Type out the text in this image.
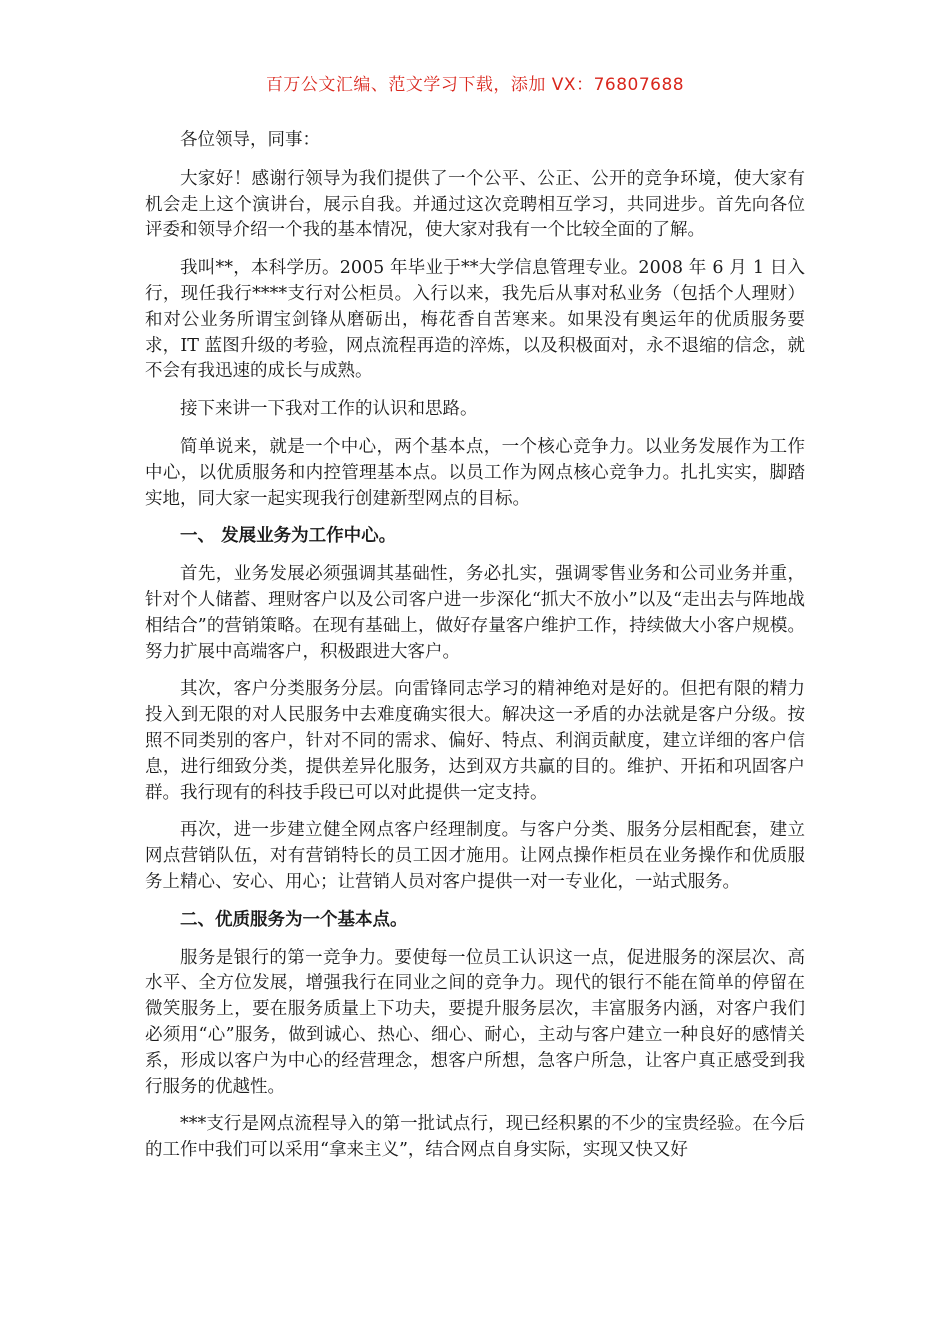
百万公文汇编、范文学习下载，添加 VX：76807688

各位领导，同事：

大家好！感谢行领导为我们提供了一个公平、公正、公开的竞争环境，使大家有机会走上这个演讲台，展示自我。并通过这次竞聘相互学习，共同进步。首先向各位评委和领导介绍一个我的基本情况，使大家对我有一个比较全面的了解。

我叫**，本科学历。2005 年毕业于**大学信息管理专业。2008 年 6 月 1 日入行，现任我行****支行对公柜员。入行以来，我先后从事对私业务（包括个人理财）和对公业务所谓宝剑锋从磨砺出，梅花香自苦寒来。如果没有奥运年的优质服务要求，IT 蓝图升级的考验，网点流程再造的淬炼，以及积极面对，永不退缩的信念，就不会有我迅速的成长与成熟。

接下来讲一下我对工作的认识和思路。

简单说来，就是一个中心，两个基本点，一个核心竞争力。以业务发展作为工作中心，以优质服务和内控管理基本点。以员工作为网点核心竞争力。扎扎实实，脚踏实地，同大家一起实现我行创建新型网点的目标。

一、 发展业务为工作中心。

首先，业务发展必须强调其基础性，务必扎实，强调零售业务和公司业务并重，针对个人储蓄、理财客户以及公司客户进一步深化“抓大不放小”以及“走出去与阵地战相结合”的营销策略。在现有基础上，做好存量客户维护工作，持续做大小客户规模。努力扩展中高端客户，积极跟进大客户。

其次，客户分类服务分层。向雷锋同志学习的精神绝对是好的。但把有限的精力投入到无限的对人民服务中去难度确实很大。解决这一矛盾的办法就是客户分级。按照不同类别的客户，针对不同的需求、偏好、特点、利润贡献度，建立详细的客户信息，进行细致分类，提供差异化服务，达到双方共赢的目的。维护、开拓和巩固客户群。我行现有的科技手段已可以对此提供一定支持。

再次，进一步建立健全网点客户经理制度。与客户分类、服务分层相配套，建立网点营销队伍，对有营销特长的员工因才施用。让网点操作柜员在业务操作和优质服务上精心、安心、用心；让营销人员对客户提供一对一专业化，一站式服务。

二、优质服务为一个基本点。

服务是银行的第一竞争力。要使每一位员工认识这一点，促进服务的深层次、高水平、全方位发展，增强我行在同业之间的竞争力。现代的银行不能在简单的停留在微笑服务上，要在服务质量上下功夫，要提升服务层次，丰富服务内涵，对客户我们必须用“心”服务，做到诚心、热心、细心、耐心，主动与客户建立一种良好的感情关系，形成以客户为中心的经营理念，想客户所想，急客户所急，让客户真正感受到我行服务的优越性。

***支行是网点流程导入的第一批试点行，现已经积累的不少的宝贵经验。在今后的工作中我们可以采用“拿来主义”，结合网点自身实际，实现又快又好
